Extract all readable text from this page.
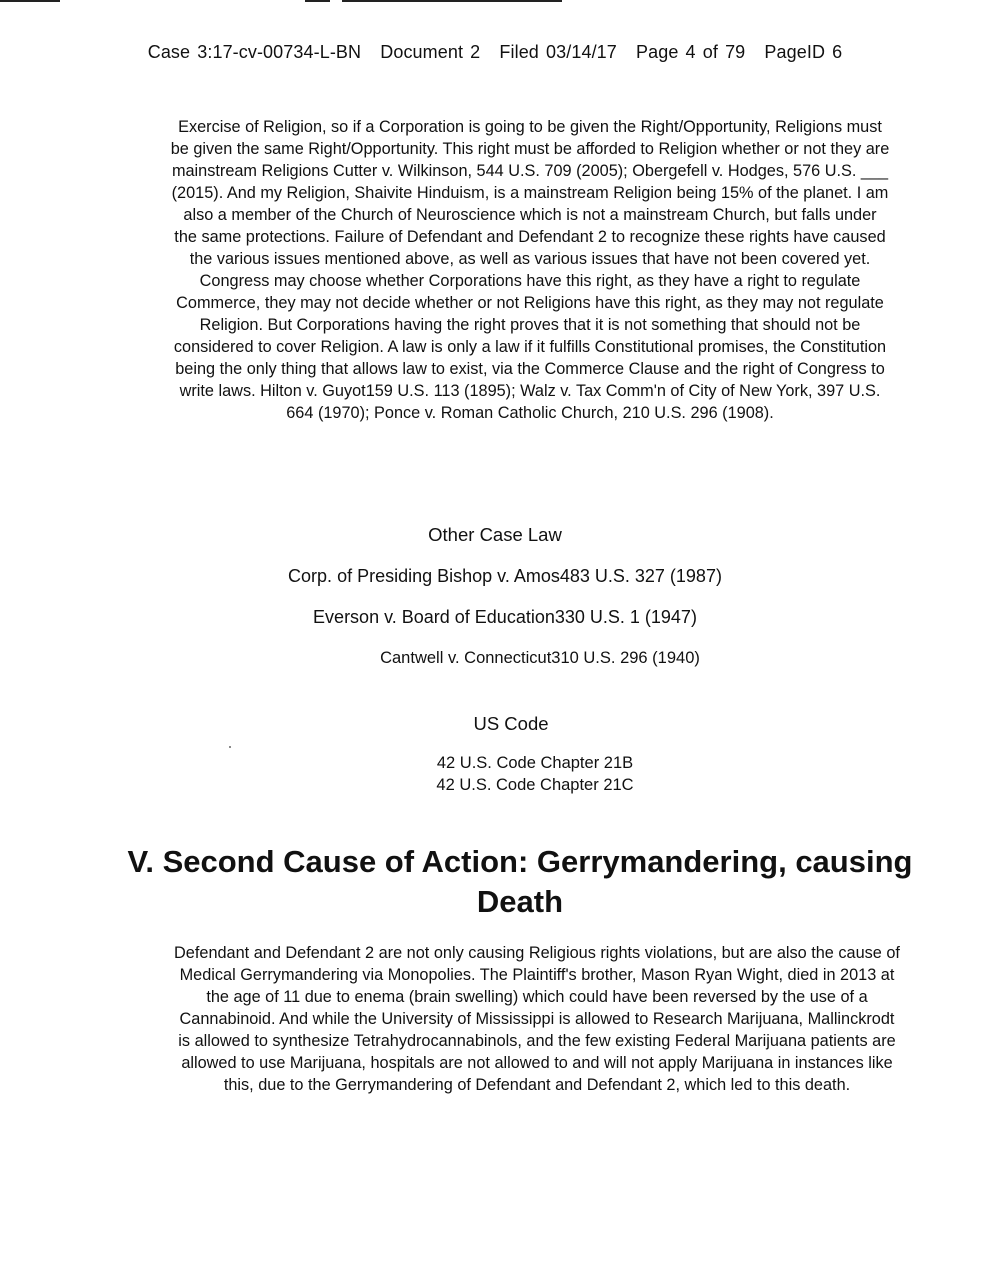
Case 3:17-cv-00734-L-BN Document 2 Filed 03/14/17 Page 4 of 79 PageID 6
Exercise of Religion, so if a Corporation is going to be given the Right/Opportunity, Religions must be given the same Right/Opportunity. This right must be afforded to Religion whether or not they are mainstream Religions Cutter v. Wilkinson, 544 U.S. 709 (2005); Obergefell v. Hodges, 576 U.S. ___ (2015). And my Religion, Shaivite Hinduism, is a mainstream Religion being 15% of the planet. I am also a member of the Church of Neuroscience which is not a mainstream Church, but falls under the same protections. Failure of Defendant and Defendant 2 to recognize these rights have caused the various issues mentioned above, as well as various issues that have not been covered yet. Congress may choose whether Corporations have this right, as they have a right to regulate Commerce, they may not decide whether or not Religions have this right, as they may not regulate Religion. But Corporations having the right proves that it is not something that should not be considered to cover Religion. A law is only a law if it fulfills Constitutional promises, the Constitution being the only thing that allows law to exist, via the Commerce Clause and the right of Congress to write laws. Hilton v. Guyot159 U.S. 113 (1895); Walz v. Tax Comm'n of City of New York, 397 U.S. 664 (1970); Ponce v. Roman Catholic Church, 210 U.S. 296 (1908).
Other Case Law
Corp. of Presiding Bishop v. Amos483 U.S. 327 (1987)
Everson v. Board of Education330 U.S. 1 (1947)
Cantwell v. Connecticut310 U.S. 296 (1940)
US Code
42 U.S. Code Chapter 21B
42 U.S. Code Chapter 21C
V. Second Cause of Action: Gerrymandering, causing Death
Defendant and Defendant 2 are not only causing Religious rights violations, but are also the cause of Medical Gerrymandering via Monopolies. The Plaintiff's brother, Mason Ryan Wight, died in 2013 at the age of 11 due to enema (brain swelling) which could have been reversed by the use of a Cannabinoid. And while the University of Mississippi is allowed to Research Marijuana, Mallinckrodt is allowed to synthesize Tetrahydrocannabinols, and the few existing Federal Marijuana patients are allowed to use Marijuana, hospitals are not allowed to and will not apply Marijuana in instances like this, due to the Gerrymandering of Defendant and Defendant 2, which led to this death.
